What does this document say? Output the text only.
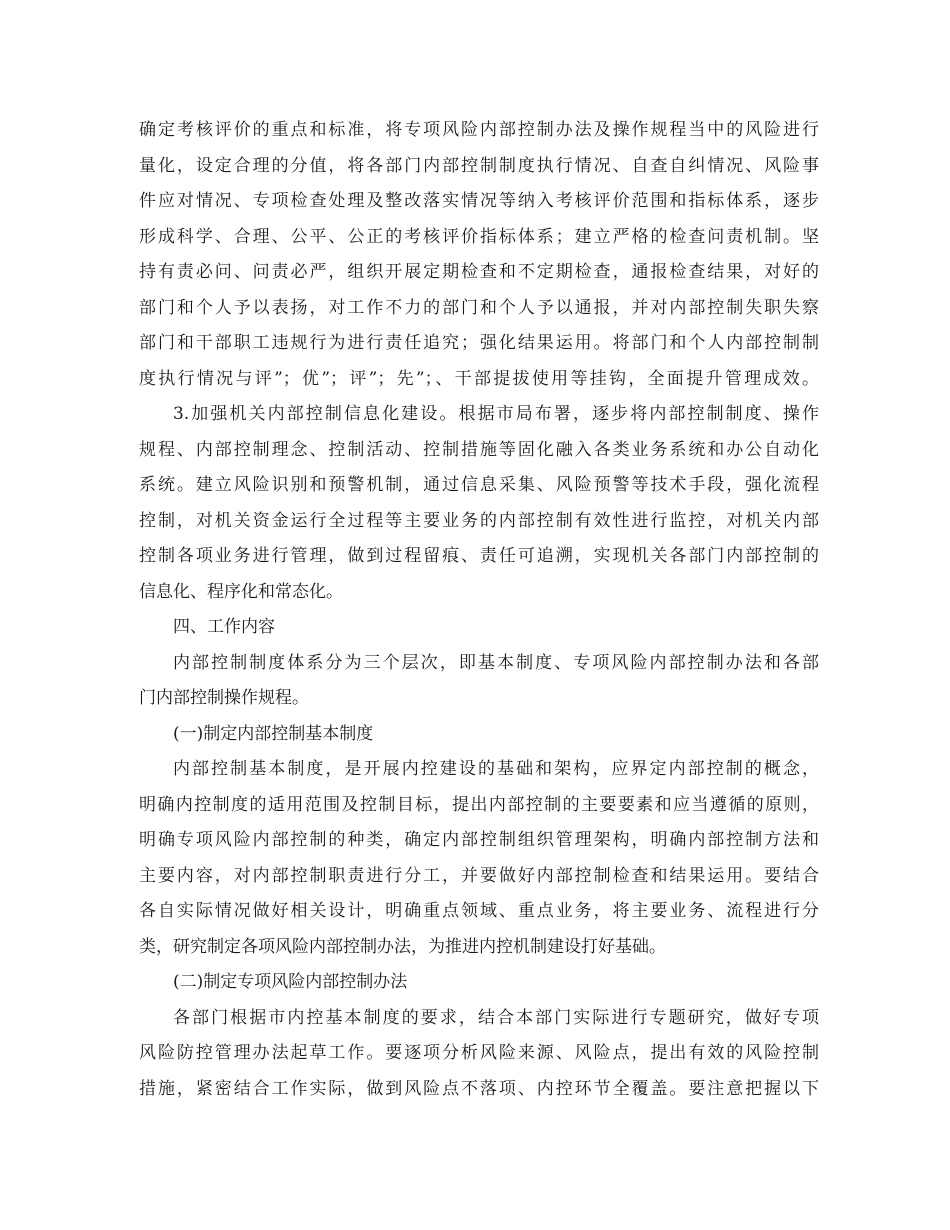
确定考核评价的重点和标准，将专项风险内部控制办法及操作规程当中的风险进行
量化，设定合理的分值，将各部门内部控制制度执行情况、自查自纠情况、风险事
件应对情况、专项检查处理及整改落实情况等纳入考核评价范围和指标体系，逐步
形成科学、合理、公平、公正的考核评价指标体系；建立严格的检查问责机制。坚
持有责必问、问责必严，组织开展定期检查和不定期检查，通报检查结果，对好的
部门和个人予以表扬，对工作不力的部门和个人予以通报，并对内部控制失职失察
部门和干部职工违规行为进行责任追究；强化结果运用。将部门和个人内部控制制
度执行情况与评”；优”；评”；先”；、干部提拔使用等挂钩，全面提升管理成效。
3.加强机关内部控制信息化建设。根据市局布署，逐步将内部控制制度、操作
规程、内部控制理念、控制活动、控制措施等固化融入各类业务系统和办公自动化
系统。建立风险识别和预警机制，通过信息采集、风险预警等技术手段，强化流程
控制，对机关资金运行全过程等主要业务的内部控制有效性进行监控，对机关内部
控制各项业务进行管理，做到过程留痕、责任可追溯，实现机关各部门内部控制的
信息化、程序化和常态化。
四、工作内容
内部控制制度体系分为三个层次，即基本制度、专项风险内部控制办法和各部
门内部控制操作规程。
(一)制定内部控制基本制度
内部控制基本制度，是开展内控建设的基础和架构，应界定内部控制的概念，
明确内控制度的适用范围及控制目标，提出内部控制的主要要素和应当遵循的原则，
明确专项风险内部控制的种类，确定内部控制组织管理架构，明确内部控制方法和
主要内容，对内部控制职责进行分工，并要做好内部控制检查和结果运用。要结合
各自实际情况做好相关设计，明确重点领域、重点业务，将主要业务、流程进行分
类，研究制定各项风险内部控制办法，为推进内控机制建设打好基础。
(二)制定专项风险内部控制办法
各部门根据市内控基本制度的要求，结合本部门实际进行专题研究，做好专项
风险防控管理办法起草工作。要逐项分析风险来源、风险点，提出有效的风险控制
措施，紧密结合工作实际，做到风险点不落项、内控环节全覆盖。要注意把握以下
